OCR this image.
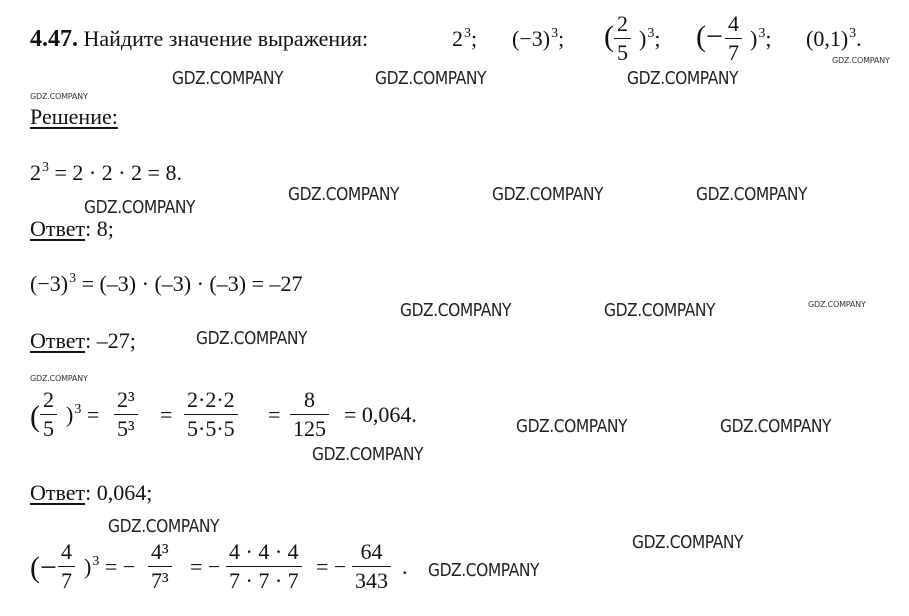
4.47. Найдите значение выражения:	$2^3$; $(-3)^3$; ( 2
5
)$^3$; (− 4
7
)$^3$; $(0,1)^3$.
Решение:
$2^3 = 2 \cdot 2 \cdot 2 = 8$.
Ответ: 8;
$(-3)^3 = (-3) \cdot (-3) \cdot (-3) = -27$
Ответ: –27;
(
2
5
)$^3$ =
2³
5³
=
2·2·2
5·5·5
=
8
125
= 0,064.
Ответ: 0,064;
(− 4
7
)$^3$ = −
4³
7³
= −
4 · 4 · 4
7 · 7 · 7
= −
64
343
.
GDZ.COMPANY	GDZ.COMPANY	GDZ.COMPANY
GDZ.COMPANY
GDZ.COMPANY
GDZ.COMPANY	GDZ.COMPANY	GDZ.COMPANY
GDZ.COMPANY
GDZ.COMPANY	GDZ.COMPANY	GDZ.COMPANY
GDZ.COMPANY
GDZ.COMPANY
GDZ.COMPANY	GDZ.COMPANY
GDZ.COMPANY
GDZ.COMPANY
GDZ.COMPANY
GDZ.COMPANY
